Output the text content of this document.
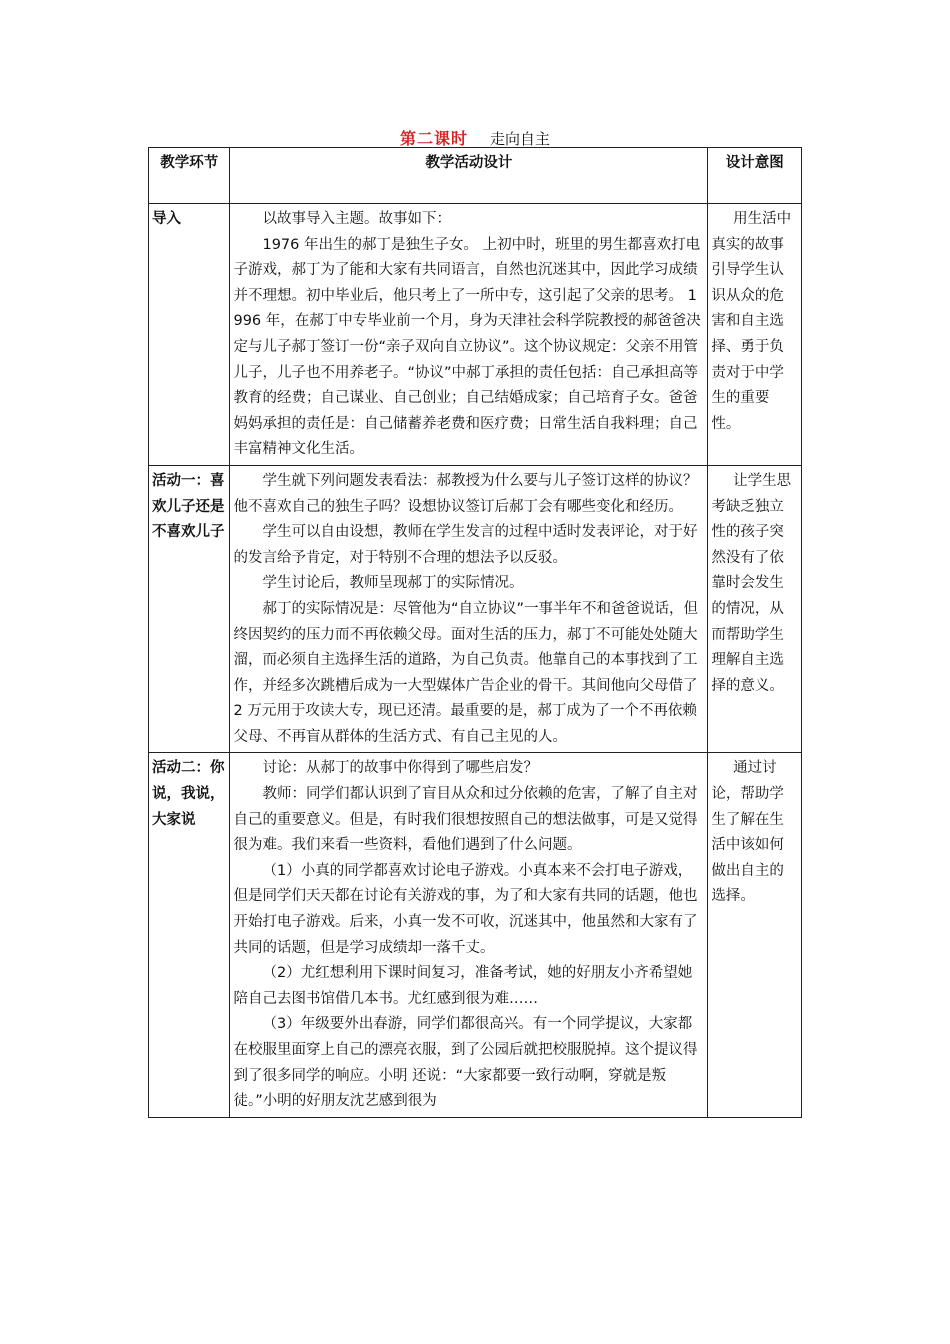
第二课时 走向自主
教学环节	教学活动设计	设计意图
导入	以故事导入主题。故事如下：

1976 年出生的郝丁是独生子女。 上初中时，班里的男生都喜欢打电子游戏，郝丁为了能和大家有共同语言，自然也沉迷其中，因此学习成绩并不理想。初中毕业后，他只考上了一所中专，这引起了父亲的思考。 1996 年，在郝丁中专毕业前一个月，身为天津社会科学院教授的郝爸爸决定与儿子郝丁签订一份“亲子双向自立协议”。这个协议规定：父亲不用管儿子，儿子也不用养老子。“协议”中郝丁承担的责任包括：自己承担高等教育的经费；自己谋业、自己创业；自己结婚成家；自己培育子女。爸爸妈妈承担的责任是：自己储蓄养老费和医疗费；日常生活自我料理；自己丰富精神文化生活。	用生活中真实的故事引导学生认识从众的危害和自主选择、勇于负责对于中学生的重要性。

活动一：喜欢儿子还是不喜欢儿子	学生就下列问题发表看法：郝教授为什么要与儿子签订这样的协议？他不喜欢自己的独生子吗？设想协议签订后郝丁会有哪些变化和经历。

学生可以自由设想，教师在学生发言的过程中适时发表评论，对于好的发言给予肯定，对于特别不合理的想法予以反驳。

学生讨论后，教师呈现郝丁的实际情况。

郝丁的实际情况是：尽管他为“自立协议”一事半年不和爸爸说话，但终因契约的压力而不再依赖父母。面对生活的压力，郝丁不可能处处随大溜，而必须自主选择生活的道路，为自己负责。他靠自己的本事找到了工作，并经多次跳槽后成为一大型媒体广告企业的骨干。其间他向父母借了 2 万元用于攻读大专，现已还清。最重要的是，郝丁成为了一个不再依赖父母、不再盲从群体的生活方式、有自己主见的人。	让学生思考缺乏独立性的孩子突然没有了依靠时会发生的情况，从而帮助学生理解自主选择的意义。

活动二：你说，我说，大家说	讨论：从郝丁的故事中你得到了哪些启发？

教师：同学们都认识到了盲目从众和过分依赖的危害，了解了自主对自己的重要意义。但是，有时我们很想按照自己的想法做事，可是又觉得很为难。我们来看一些资料，看他们遇到了什么问题。

（1）小真的同学都喜欢讨论电子游戏。小真本来不会打电子游戏，但是同学们天天都在讨论有关游戏的事，为了和大家有共同的话题，他也开始打电子游戏。后来，小真一发不可收，沉迷其中，他虽然和大家有了共同的话题，但是学习成绩却一落千丈。

（2）尤红想利用下课时间复习，准备考试，她的好朋友小齐希望她陪自己去图书馆借几本书。尤红感到很为难……

（3）年级要外出春游，同学们都很高兴。有一个同学提议，大家都在校服里面穿上自己的漂亮衣服，到了公园后就把校服脱掉。这个提议得到了很多同学的响应。小明 还说：“大家都要一致行动啊，穿就是叛徒。”小明的好朋友沈艺感到很为	通过讨论，帮助学生了解在生活中该如何做出自主的选择。
